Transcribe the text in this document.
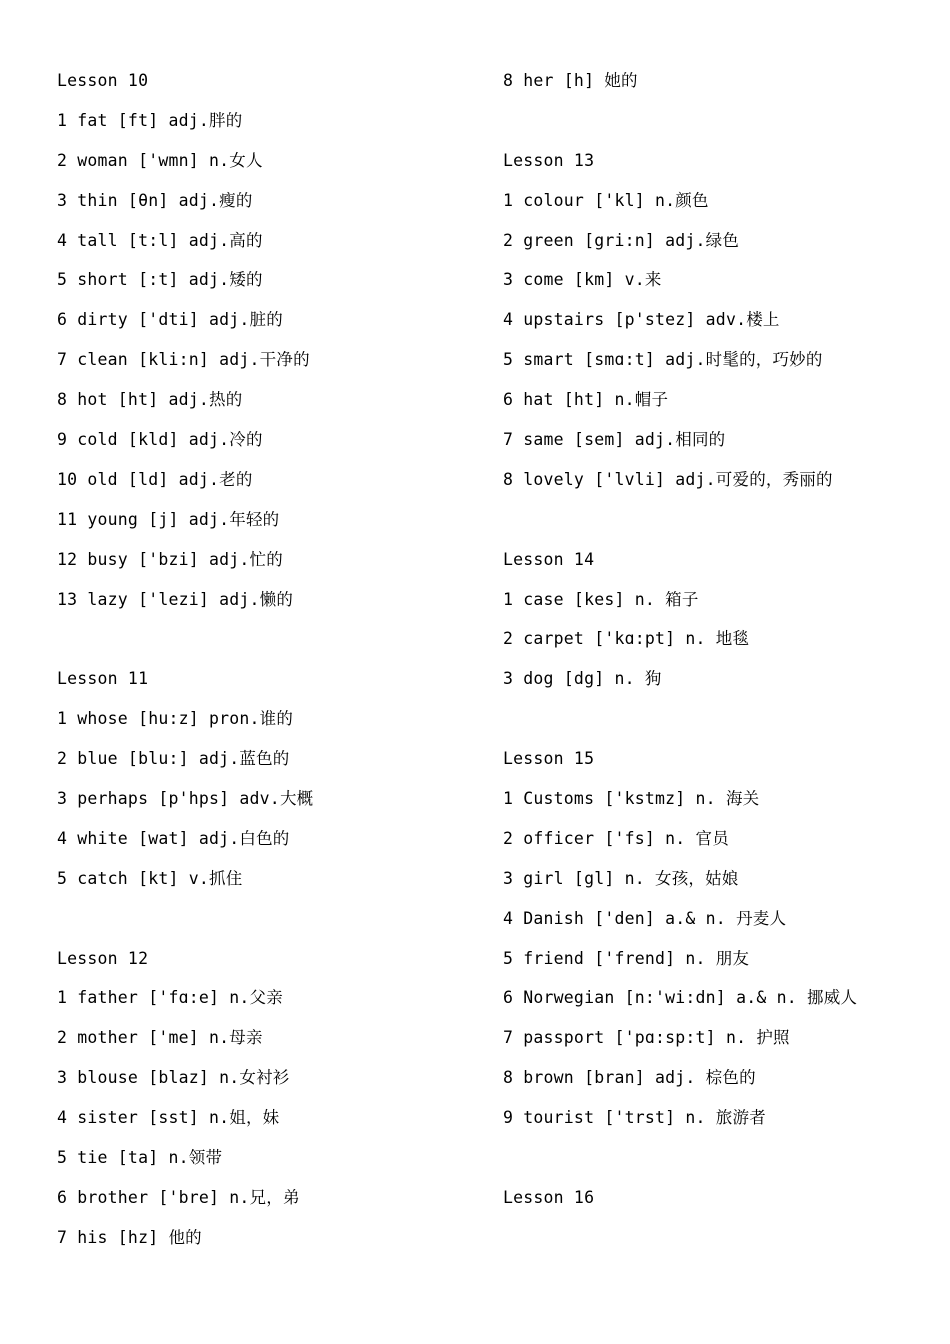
Lesson 10
1 fat [ft] adj.胖的
2 woman ['wmn] n.女人
3 thin [θn] adj.瘦的
4 tall [t:l] adj.高的
5 short [:t] adj.矮的
6 dirty ['dti] adj.脏的
7 clean [kli:n] adj.干净的
8 hot [ht] adj.热的
9 cold [kld] adj.冷的
10 old [ld] adj.老的
11 young [j] adj.年轻的
12 busy ['bzi] adj.忙的
13 lazy ['lezi] adj.懒的
Lesson 11
1 whose [hu:z] pron.谁的
2 blue [blu:] adj.蓝色的
3 perhaps [p'hps] adv.大概
4 white [wat] adj.白色的
5 catch [kt] v.抓住
Lesson 12
1 father ['fɑ:e] n.父亲
2 mother ['me] n.母亲
3 blouse [blaz] n.女衬衫
4 sister [sst] n.姐，妹
5 tie [ta] n.领带
6 brother ['bre] n.兄，弟
7 his [hz] 他的
8 her [h] 她的
Lesson 13
1 colour ['kl] n.颜色
2 green [gri:n] adj.绿色
3 come [km] v.来
4 upstairs [p'stez] adv.楼上
5 smart [smɑ:t] adj.时髦的，巧妙的
6 hat [ht] n.帽子
7 same [sem] adj.相同的
8 lovely ['lvli] adj.可爱的，秀丽的
Lesson 14
1 case [kes] n. 箱子
2 carpet ['kɑ:pt] n. 地毯
3 dog [dg] n. 狗
Lesson 15
1 Customs ['kstmz] n. 海关
2 officer ['fs] n. 官员
3 girl [gl] n. 女孩，姑娘
4 Danish ['den] a.& n. 丹麦人
5 friend ['frend] n. 朋友
6 Norwegian [n:'wi:dn] a.& n. 挪威人
7 passport ['pɑ:sp:t] n. 护照
8 brown [bran] adj. 棕色的
9 tourist ['trst] n. 旅游者
Lesson 16
